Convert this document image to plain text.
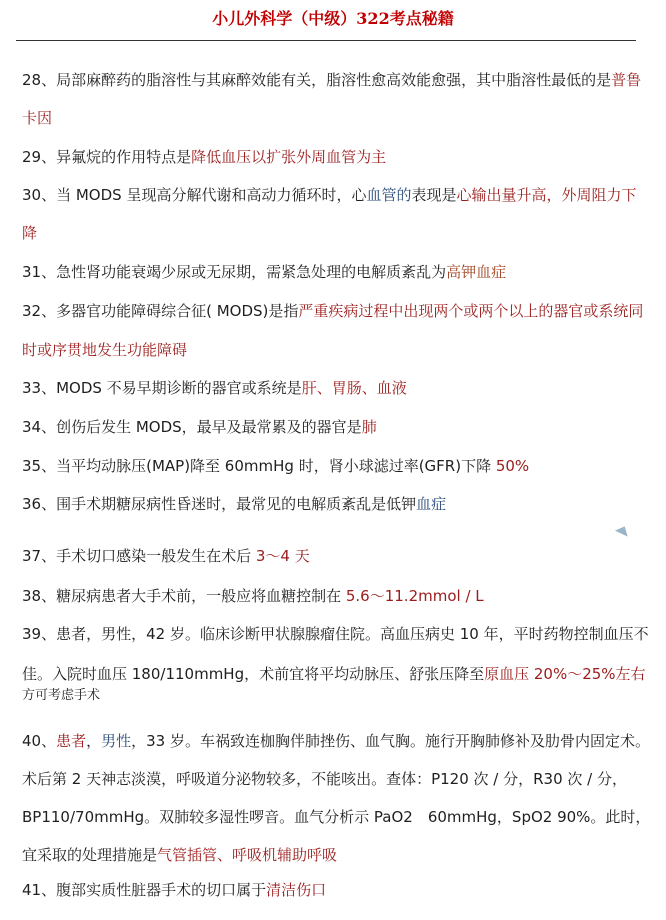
小儿外科学（中级）322考点秘籍
28、局部麻醉药的脂溶性与其麻醉效能有关，脂溶性愈高效能愈强，其中脂溶性最低的是普鲁
卡因
29、异氟烷的作用特点是降低血压以扩张外周血管为主
30、当 MODS 呈现高分解代谢和高动力循环时，心血管的表现是心输出量升高，外周阻力下
降
31、急性肾功能衰竭少尿或无尿期，需紧急处理的电解质紊乱为高钾血症
32、多器官功能障碍综合征( MODS)是指严重疾病过程中出现两个或两个以上的器官或系统同
时或序贯地发生功能障碍
33、MODS 不易早期诊断的器官或系统是肝、胃肠、血液
34、创伤后发生 MODS，最早及最常累及的器官是肺
35、当平均动脉压(MAP)降至 60mmHg 时，肾小球滤过率(GFR)下降 50%
36、围手术期糖尿病性昏迷时，最常见的电解质紊乱是低钾血症
37、手术切口感染一般发生在术后 3～4 天
38、糖尿病患者大手术前，一般应将血糖控制在 5.6～11.2mmol / L
39、患者，男性，42 岁。临床诊断甲状腺腺瘤住院。高血压病史 10 年，平时药物控制血压不
佳。入院时血压 180/110mmHg，术前宜将平均动脉压、舒张压降至原血压 20%～25%左右
方可考虑手术
40、患者，男性，33 岁。车祸致连枷胸伴肺挫伤、血气胸。施行开胸肺修补及肋骨内固定术。
术后第 2 天神志淡漠，呼吸道分泌物较多，不能咳出。查体：P120 次 / 分，R30 次 / 分，
BP110/70mmHg。双肺较多湿性啰音。血气分析示 PaO2　60mmHg，SpO2 90%。此时，
宜采取的处理措施是气管插管、呼吸机辅助呼吸
41、腹部实质性脏器手术的切口属于清洁伤口
